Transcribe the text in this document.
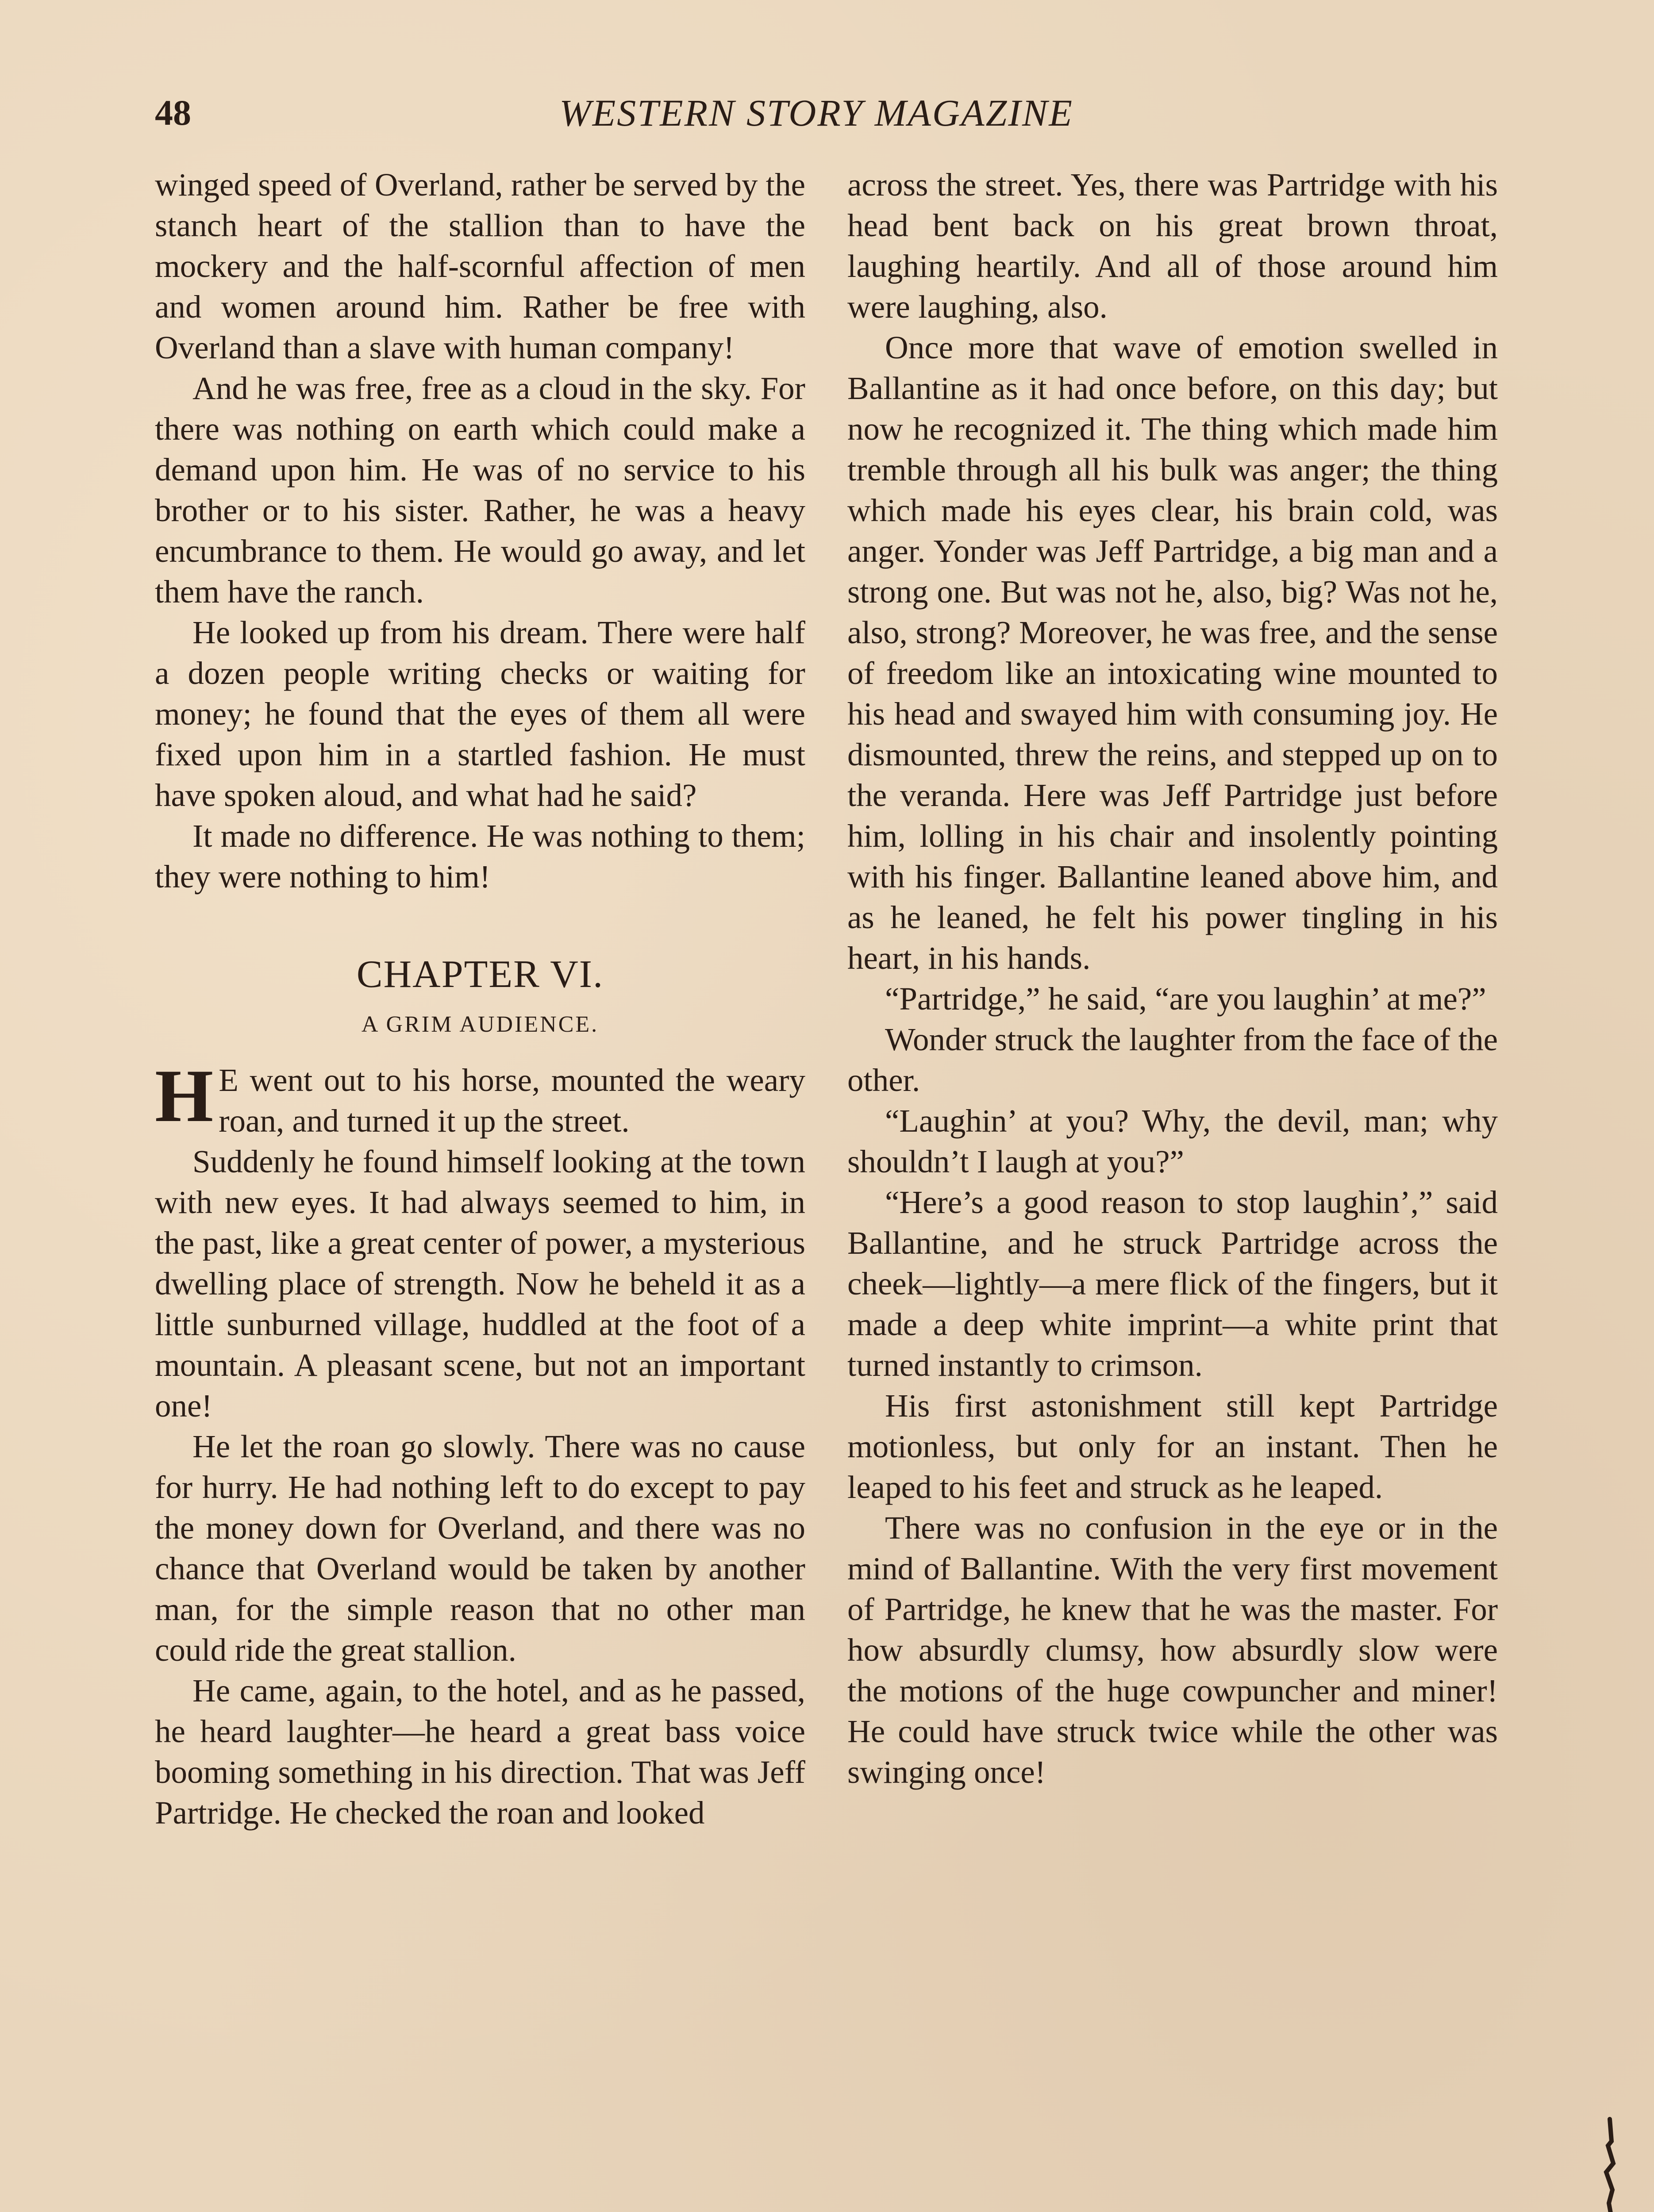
48	WESTERN STORY MAGAZINE

winged speed of Overland, rather be served by the stanch heart of the stallion than to have the mockery and the half-scornful affection of men and women around him. Rather be free with Overland than a slave with human company!

And he was free, free as a cloud in the sky. For there was nothing on earth which could make a demand upon him. He was of no service to his brother or to his sister. Rather, he was a heavy encumbrance to them. He would go away, and let them have the ranch.

He looked up from his dream. There were half a dozen people writing checks or waiting for money; he found that the eyes of them all were fixed upon him in a startled fashion. He must have spoken aloud, and what had he said?

It made no difference. He was nothing to them; they were nothing to him!

CHAPTER VI.
A GRIM AUDIENCE.

H E went out to his horse, mounted the weary roan, and turned it up the street.

Suddenly he found himself looking at the town with new eyes. It had always seemed to him, in the past, like a great center of power, a mysterious dwelling place of strength. Now he beheld it as a little sunburned village, huddled at the foot of a mountain. A pleasant scene, but not an important one!

He let the roan go slowly. There was no cause for hurry. He had nothing left to do except to pay the money down for Overland, and there was no chance that Overland would be taken by another man, for the simple reason that no other man could ride the great stallion.

He came, again, to the hotel, and as he passed, he heard laughter—he heard a great bass voice booming something in his direction. That was Jeff Partridge. He checked the roan and looked

across the street. Yes, there was Partridge with his head bent back on his great brown throat, laughing heartily. And all of those around him were laughing, also.

Once more that wave of emotion swelled in Ballantine as it had once before, on this day; but now he recognized it. The thing which made him tremble through all his bulk was anger; the thing which made his eyes clear, his brain cold, was anger. Yonder was Jeff Partridge, a big man and a strong one. But was not he, also, big? Was not he, also, strong? Moreover, he was free, and the sense of freedom like an intoxicating wine mounted to his head and swayed him with consuming joy. He dismounted, threw the reins, and stepped up on to the veranda. Here was Jeff Partridge just before him, lolling in his chair and insolently pointing with his finger. Ballantine leaned above him, and as he leaned, he felt his power tingling in his heart, in his hands.

“Partridge,” he said, “are you laughin’ at me?”

Wonder struck the laughter from the face of the other.

“Laughin’ at you? Why, the devil, man; why shouldn’t I laugh at you?”

“Here’s a good reason to stop laughin’,” said Ballantine, and he struck Partridge across the cheek—lightly—a mere flick of the fingers, but it made a deep white imprint—a white print that turned instantly to crimson.

His first astonishment still kept Partridge motionless, but only for an instant. Then he leaped to his feet and struck as he leaped.

There was no confusion in the eye or in the mind of Ballantine. With the very first movement of Partridge, he knew that he was the master. For how absurdly clumsy, how absurdly slow were the motions of the huge cowpuncher and miner! He could have struck twice while the other was swinging once!
